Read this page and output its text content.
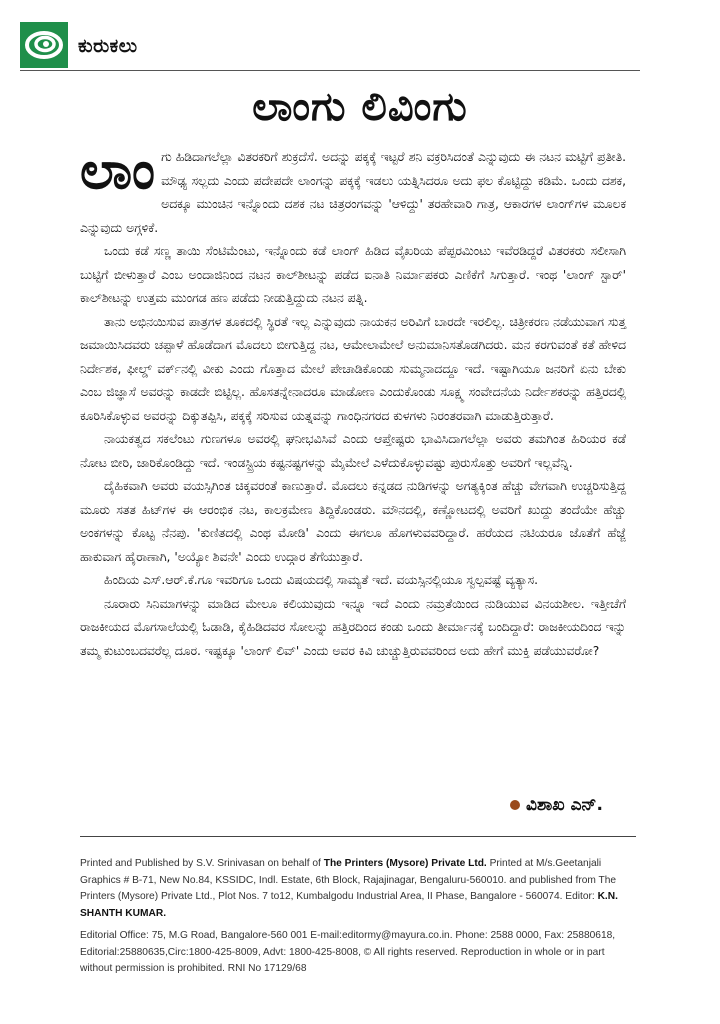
ಕುರುಕಲು
ಲಾಂಗು ಲಿವಿಂಗು

ಲಾಂಗು ಹಿಡಿದಾಗಲೆಲ್ಲಾ ವಿತರಕರಿಗೆ ಶುಕ್ರದೆಸೆ. ಅದನ್ನು ಪಕ್ಕಕ್ಕೆ ಇಟ್ಟರೆ ಶನಿ ವಕ್ರರಿಸಿದಂತೆ ಎನ್ನುವುದು ಈ ನಟನ ಮಟ್ಟಿಗೆ ಪ್ರತೀತಿ. ಮೌಢ್ಯ ಸಲ್ಲದು ಎಂದು ಪದೇಪದೇ ಲಾಂಗನ್ನು ಪಕ್ಕಕ್ಕೆ ಇಡಲು ಯತ್ನಿಸಿದರೂ ಅದು ಫಲ ಕೊಟ್ಟಿದ್ದು ಕಡಿಮೆ. ಒಂದು ದಶಕ, ಅದಕ್ಕೂ ಮುಂಚಿನ ಇನ್ನೊಂದು ದಶಕ ನಟ ಚಿತ್ರರಂಗವನ್ನು 'ಆಳಿದ್ದು' ತರಹೇವಾರಿ ಗಾತ್ರ, ಆಕಾರಗಳ ಲಾಂಗ್‌ಗಳ ಮೂಲಕ ಎನ್ನುವುದು ಅಗ್ಗಳಿಕೆ.

ಒಂದು ಕಡೆ ಸಣ್ಣ ತಾಯಿ ಸೆಂಟಿಮೆಂಟು, ಇನ್ನೊಂದು ಕಡೆ ಲಾಂಗ್ ಹಿಡಿದ ವೈಖರಿಯ ಪೆಪ್ಪರಮಿಂಟು ಇವೆರಡಿದ್ದರೆ ವಿತರಕರು ಸಲೀಸಾಗಿ ಬುಟ್ಟಿಗೆ ಬೀಳುತ್ತಾರೆ ಎಂಬ ಅಂದಾಜಿನಿಂದ ನಟನ ಕಾಲ್‌ಶೀಟನ್ನು ಪಡೆದ ಐನಾತಿ ನಿರ್ಮಾಪಕರು ಎಣಿಕೆಗೆ ಸಿಗುತ್ತಾರೆ. ಇಂಥ 'ಲಾಂಗ್ ಸ್ಟಾರ್' ಕಾಲ್‌ಶೀಟನ್ನು ಉತ್ತಮ ಮುಂಗಡ ಹಣ ಪಡೆದು ನೀಡುತ್ತಿದ್ದುದು ನಟನ ಪತ್ನಿ.

ತಾನು ಅಭಿನಯಿಸುವ ಪಾತ್ರಗಳ ತೂಕದಲ್ಲಿ ಸ್ಥಿರತೆ ಇಲ್ಲ ಎನ್ನುವುದು ನಾಯಕನ ಅರಿವಿಗೆ ಬಾರದೇ ಇರಲಿಲ್ಲ. ಚಿತ್ರೀಕರಣ ನಡೆಯುವಾಗ ಸುತ್ತ ಜಮಾಯಿಸಿದವರು ಚಪ್ಪಾಳೆ ಹೊಡೆದಾಗ ಮೊದಲು ಬೀಗುತ್ತಿದ್ದ ನಟ, ಆಮೇಲಾಮೇಲೆ ಅನುಮಾನಿಸತೊಡಗಿದರು. ಮನ ಕರಗುವಂತೆ ಕತೆ ಹೇಳಿದ ನಿರ್ದೇಶಕ, ಫೀಲ್ಡ್ ವರ್ಕ್‌ನಲ್ಲಿ ವೀಕು ಎಂದು ಗೊತ್ತಾದ ಮೇಲೆ ಪೇಚಾಡಿಕೊಂಡು ಸುಮ್ಮನಾದದ್ದೂ ಇದೆ. ಇಷ್ಟಾಗಿಯೂ ಜನರಿಗೆ ಏನು ಬೇಕು ಎಂಬ ಜಿಜ್ಞಾಸೆ ಅವರನ್ನು ಕಾಡದೇ ಬಿಟ್ಟಿಲ್ಲ. ಹೊಸತನ್ನೇನಾದರೂ ಮಾಡೋಣ ಎಂದುಕೊಂಡು ಸೂಕ್ಷ್ಮ ಸಂವೇದನೆಯ ನಿರ್ದೇಶಕರನ್ನು ಹತ್ತಿರದಲ್ಲಿ ಕೂರಿಸಿಕೊಳ್ಳುವ ಅವರನ್ನು ದಿಕ್ಕುತಪ್ಪಿಸಿ, ಪಕ್ಕಕ್ಕೆ ಸರಿಸುವ ಯತ್ನವನ್ನು ಗಾಂಧಿನಗರದ ಕುಳಗಳು ನಿರಂತರವಾಗಿ ಮಾಡುತ್ತಿರುತ್ತಾರೆ.

ನಾಯಕತ್ವದ ಸಕಲೆಂಟು ಗುಣಗಳೂ ಅವರಲ್ಲಿ ಘನೀಭವಿಸಿವೆ ಎಂದು ಆಪ್ತೇಷ್ಟರು ಭಾವಿಸಿದಾಗಲೆಲ್ಲಾ ಅವರು ತಮಗಿಂತ ಹಿರಿಯರ ಕಡೆ ನೋಟ ಬೀರಿ, ಜಾರಿಕೊಂಡಿದ್ದು ಇದೆ. ಇಂಡಸ್ಟ್ರಿಯ ಕಷ್ಟನಷ್ಟಗಳನ್ನು ಮೈಮೇಲೆ ಎಳೆದುಕೊಳ್ಳುವಷ್ಟು ಪುರುಸೊತ್ತು ಅವರಿಗೆ ಇಲ್ಲವೆನ್ನಿ.

ದೈಹಿಕವಾಗಿ ಅವರು ವಯಸ್ಸಿಗಿಂತ ಚಿಕ್ಕವರಂತೆ ಕಾಣುತ್ತಾರೆ. ಮೊದಲು ಕನ್ನಡದ ನುಡಿಗಳನ್ನು ಅಗತ್ಯಕ್ಕಿಂತ ಹೆಚ್ಚು ವೇಗವಾಗಿ ಉಚ್ಚರಿಸುತ್ತಿದ್ದ ಮೂರು ಸತತ ಹಿಟ್‌ಗಳ ಈ ಆರಂಭಿಕ ನಟ, ಕಾಲಕ್ರಮೇಣ ತಿದ್ದಿಕೊಂಡರು. ಮೌನದಲ್ಲಿ, ಕಣ್ಣೋಟದಲ್ಲಿ ಅವರಿಗೆ ಖುದ್ದು ತಂದೆಯೇ ಹೆಚ್ಚು ಅಂಕಗಳನ್ನು ಕೊಟ್ಟ ನೆನಪು. 'ಕುಣಿತದಲ್ಲಿ ಎಂಥ ಮೋಡಿ' ಎಂದು ಈಗಲೂ ಹೊಗಳುವವರಿದ್ದಾರೆ. ಹರೆಯದ ನಟಿಯರೂ ಜೊತೆಗೆ ಹೆಜ್ಜೆ ಹಾಕುವಾಗ ಹೈರಾಣಾಗಿ, 'ಅಯ್ಯೋ ಶಿವನೇ' ಎಂದು ಉದ್ಗಾರ ತೆಗೆಯುತ್ತಾರೆ.

ಹಿಂದಿಯ ಎಸ್.ಆರ್.ಕೆ.ಗೂ ಇವರಿಗೂ ಒಂದು ವಿಷಯದಲ್ಲಿ ಸಾಮ್ಯತೆ ಇದೆ. ವಯಸ್ಸಿನಲ್ಲಿಯೂ ಸ್ವಲ್ಪವಷ್ಟೆ ವ್ಯತ್ಯಾಸ.

ನೂರಾರು ಸಿನಿಮಾಗಳನ್ನು ಮಾಡಿದ ಮೇಲೂ ಕಲಿಯುವುದು ಇನ್ನೂ ಇದೆ ಎಂದು ನಮ್ರತೆಯಿಂದ ನುಡಿಯುವ ವಿನಯಶೀಲ. ಇತ್ತೀಚೆಗೆ ರಾಜಕೀಯದ ಮೊಗಸಾಲೆಯಲ್ಲಿ ಓಡಾಡಿ, ಕೈಹಿಡಿದವರ ಸೋಲನ್ನು ಹತ್ತಿರದಿಂದ ಕಂಡು ಒಂದು ತೀರ್ಮಾನಕ್ಕೆ ಬಂದಿದ್ದಾರೆ: ರಾಜಕೀಯದಿಂದ ಇನ್ನು ತಮ್ಮ ಕುಟುಂಬದವರೆಲ್ಲ ದೂರ. ಇಷ್ಟಕ್ಕೂ 'ಲಾಂಗ್ ಲಿವ್' ಎಂದು ಅವರ ಕಿವಿ ಚುಚ್ಚುತ್ತಿರುವವರಿಂದ ಅದು ಹೇಗೆ ಮುಕ್ತಿ ಪಡೆಯುವರೋ?

ವಿಶಾಖ ಎನ್.

Printed and Published by S.V. Srinivasan on behalf of The Printers (Mysore) Private Ltd. Printed at M/s.Geetanjali Graphics # B-71, New No.84, KSSIDC, Indl. Estate, 6th Block, Rajajinagar, Bengaluru-560010. and published from The Printers (Mysore) Private Ltd., Plot Nos. 7 to12, Kumbalgodu Industrial Area, II Phase, Bangalore - 560074. Editor: K.N. SHANTH KUMAR.

Editorial Office: 75, M.G Road, Bangalore-560 001 E-mail:editormy@mayura.co.in. Phone: 2588 0000, Fax: 25880618, Editorial:25880635,Circ:1800-425-8009, Advt: 1800-425-8008, © All rights reserved. Reproduction in whole or in part without permission is prohibited. RNI No 17129/68
